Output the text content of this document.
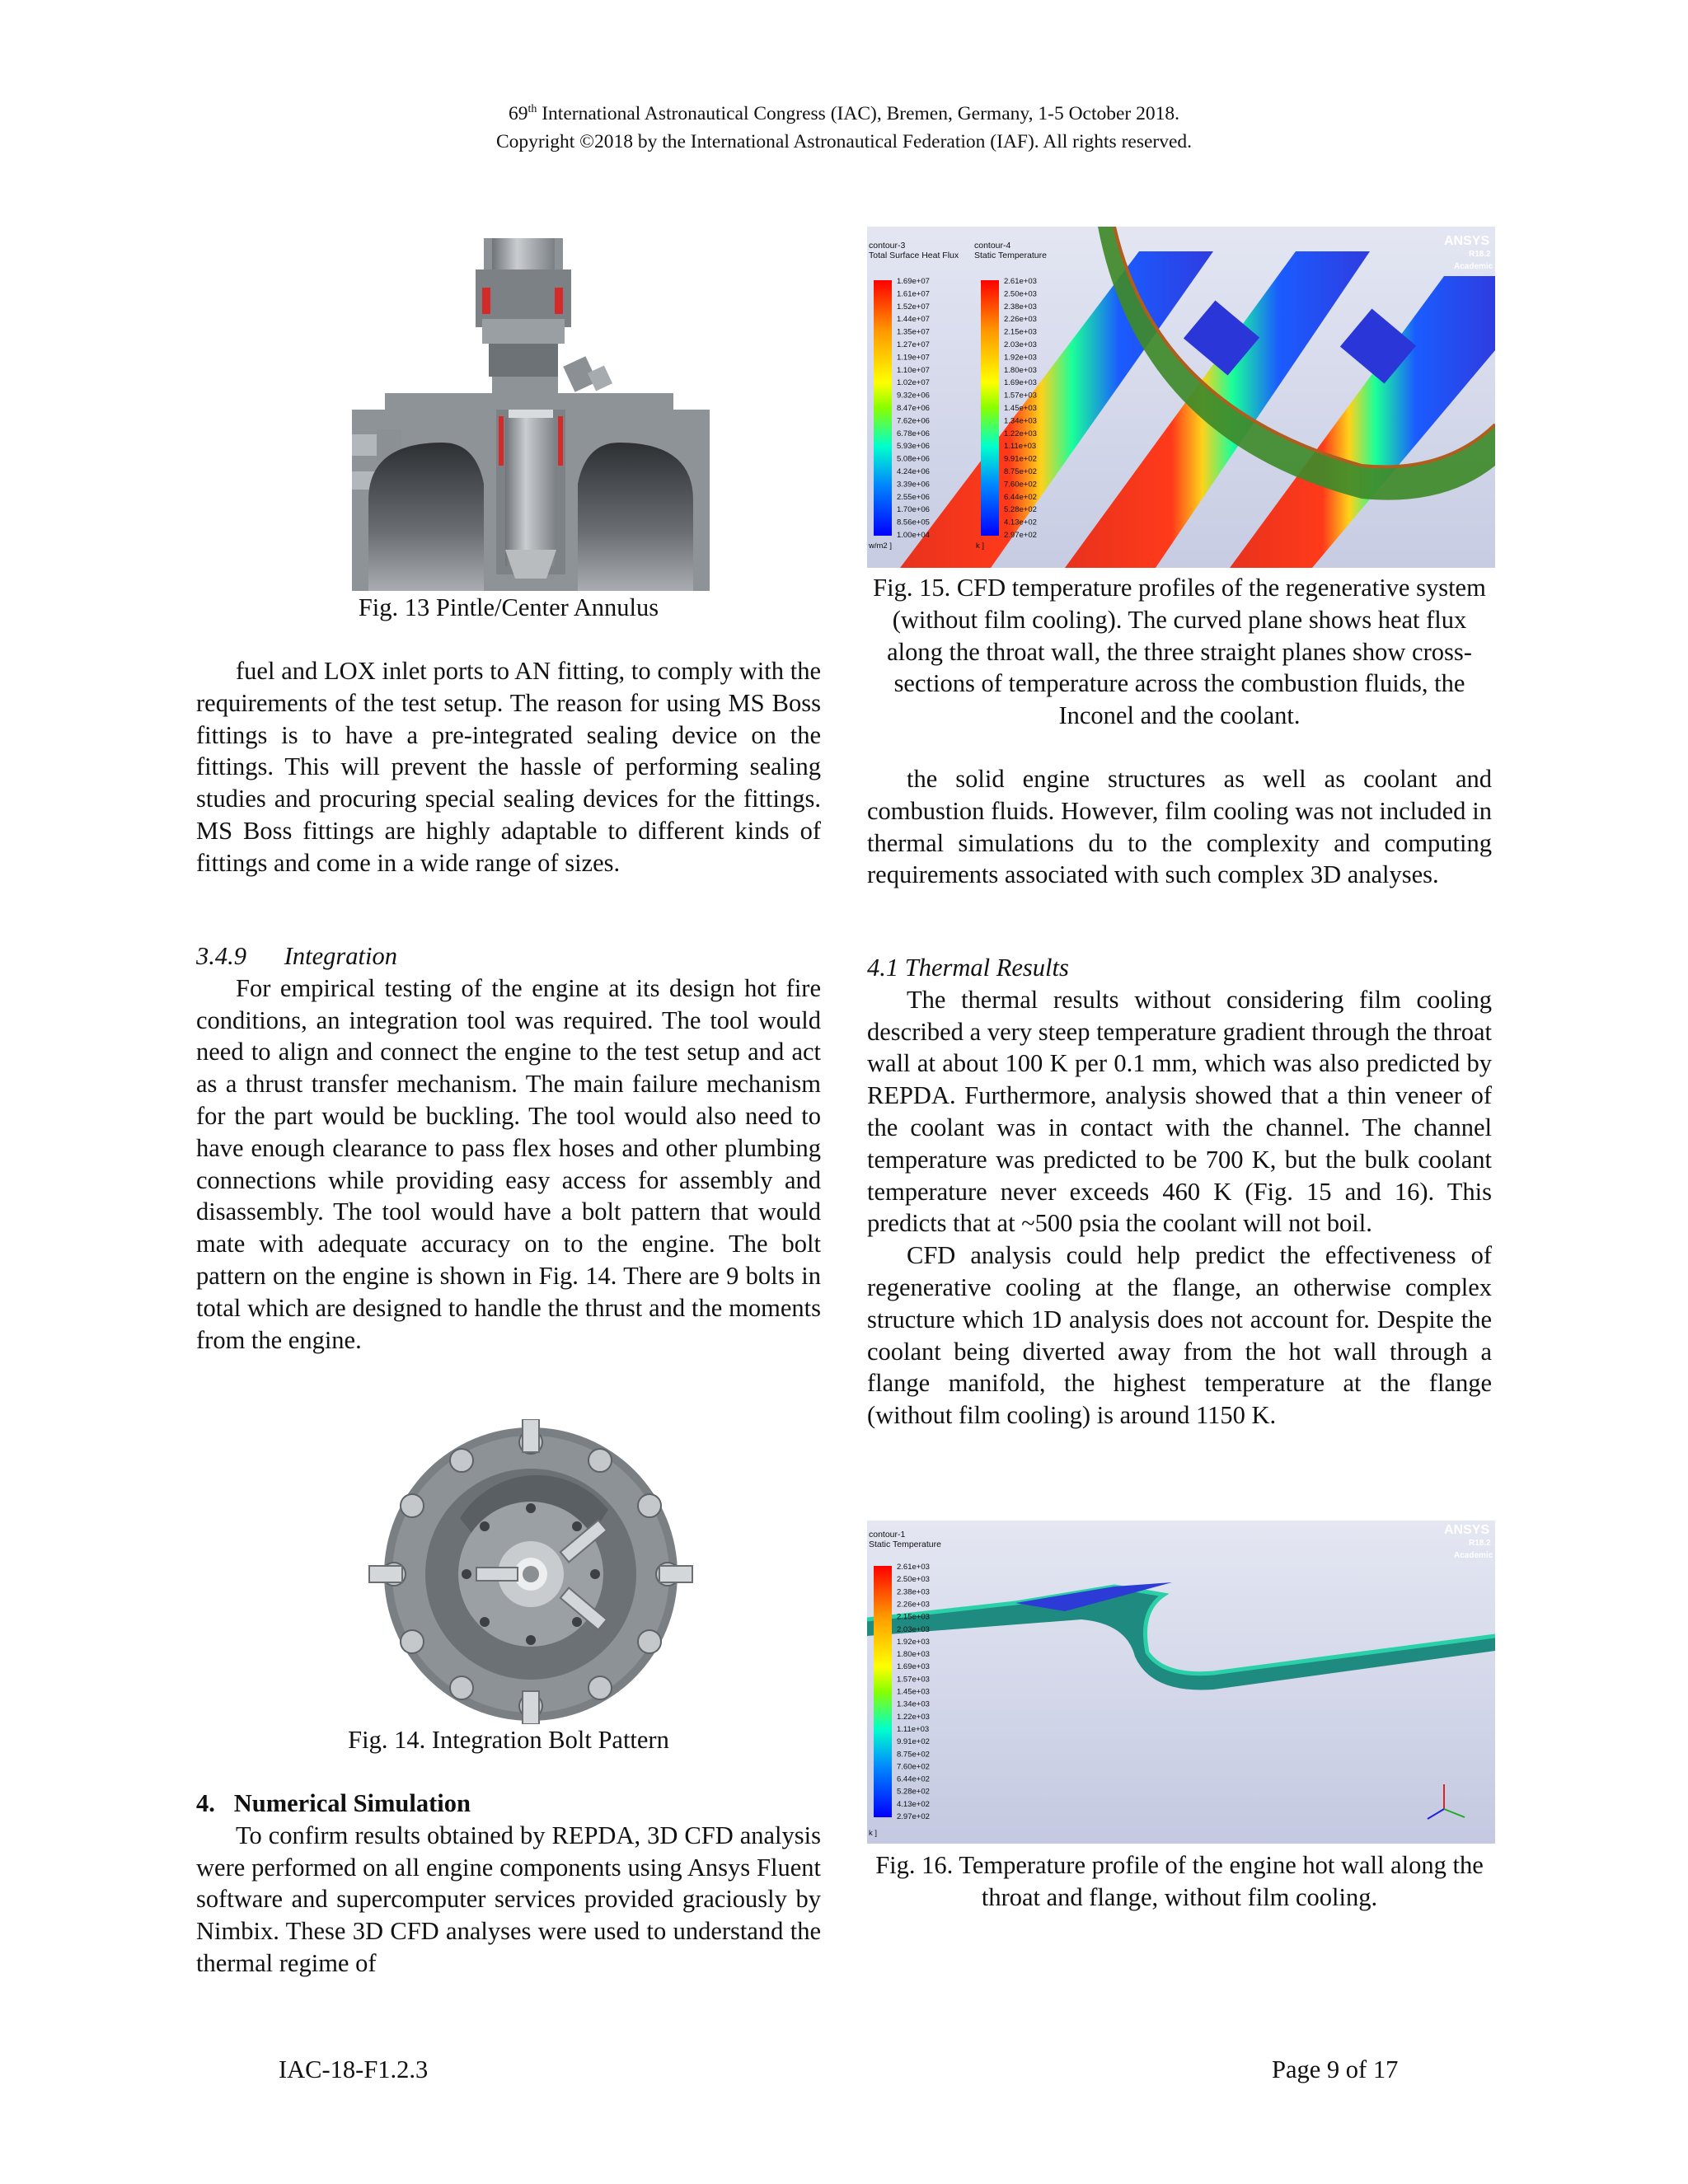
69th International Astronautical Congress (IAC), Bremen, Germany, 1-5 October 2018.
Copyright ©2018 by the International Astronautical Federation (IAF). All rights reserved.
Fig. 13 Pintle/Center Annulus

fuel and LOX inlet ports to AN fitting, to comply with the requirements of the test setup. The reason for using MS Boss fittings is to have a pre-integrated sealing device on the fittings. This will prevent the hassle of performing sealing studies and procuring special sealing devices for the fittings. MS Boss fittings are highly adaptable to different kinds of fittings and come in a wide range of sizes.

3.4.9 Integration

For empirical testing of the engine at its design hot fire conditions, an integration tool was required. The tool would need to align and connect the engine to the test setup and act as a thrust transfer mechanism. The main failure mechanism for the part would be buckling. The tool would also need to have enough clearance to pass flex hoses and other plumbing connections while providing easy access for assembly and disassembly. The tool would have a bolt pattern that would mate with adequate accuracy on to the engine. The bolt pattern on the engine is shown in Fig. 14. There are 9 bolts in total which are designed to handle the thrust and the moments from the engine.

Fig. 14. Integration Bolt Pattern

4. Numerical Simulation

To confirm results obtained by REPDA, 3D CFD analysis were performed on all engine components using Ansys Fluent software and supercomputer services provided graciously by Nimbix. These 3D CFD analyses were used to understand the thermal regime of

contour-3
Total Surface Heat Flux
contour-4
Static Temperature
1.69e+07
1.61e+07
1.52e+07
1.44e+07
1.35e+07
1.27e+07
1.19e+07
1.10e+07
1.02e+07
9.32e+06
8.47e+06
7.62e+06
6.78e+06
5.93e+06
5.08e+06
4.24e+06
3.39e+06
2.55e+06
1.70e+06
8.56e+05
1.00e+04
2.61e+03
2.50e+03
2.38e+03
2.26e+03
2.15e+03
2.03e+03
1.92e+03
1.80e+03
1.69e+03
1.57e+03
1.45e+03
1.34e+03
1.22e+03
1.11e+03
9.91e+02
8.75e+02
7.60e+02
6.44e+02
5.28e+02
4.13e+02
2.97e+02
w/m2 ]	k ]
ANSYS
R18.2
Academic
Fig. 15. CFD temperature profiles of the regenerative system (without film cooling). The curved plane shows heat flux along the throat wall, the three straight planes show cross-sections of temperature across the combustion fluids, the Inconel and the coolant.

the solid engine structures as well as coolant and combustion fluids. However, film cooling was not included in thermal simulations du to the complexity and computing requirements associated with such complex 3D analyses.

4.1 Thermal Results

The thermal results without considering film cooling described a very steep temperature gradient through the throat wall at about 100 K per 0.1 mm, which was also predicted by REPDA. Furthermore, analysis showed that a thin veneer of the coolant was in contact with the channel. The channel temperature was predicted to be 700 K, but the bulk coolant temperature never exceeds 460 K (Fig. 15 and 16). This predicts that at ~500 psia the coolant will not boil.

CFD analysis could help predict the effectiveness of regenerative cooling at the flange, an otherwise complex structure which 1D analysis does not account for. Despite the coolant being diverted away from the hot wall through a flange manifold, the highest temperature at the flange (without film cooling) is around 1150 K.

contour-1
Static Temperature
2.61e+03
2.50e+03
2.38e+03
2.26e+03
2.15e+03
2.03e+03
1.92e+03
1.80e+03
1.69e+03
1.57e+03
1.45e+03
1.34e+03
1.22e+03
1.11e+03
9.91e+02
8.75e+02
7.60e+02
6.44e+02
5.28e+02
4.13e+02
2.97e+02
k ]
ANSYS
R18.2
Academic
Fig. 16. Temperature profile of the engine hot wall along the throat and flange, without film cooling.
IAC-18-F1.2.3	Page 9 of 17
